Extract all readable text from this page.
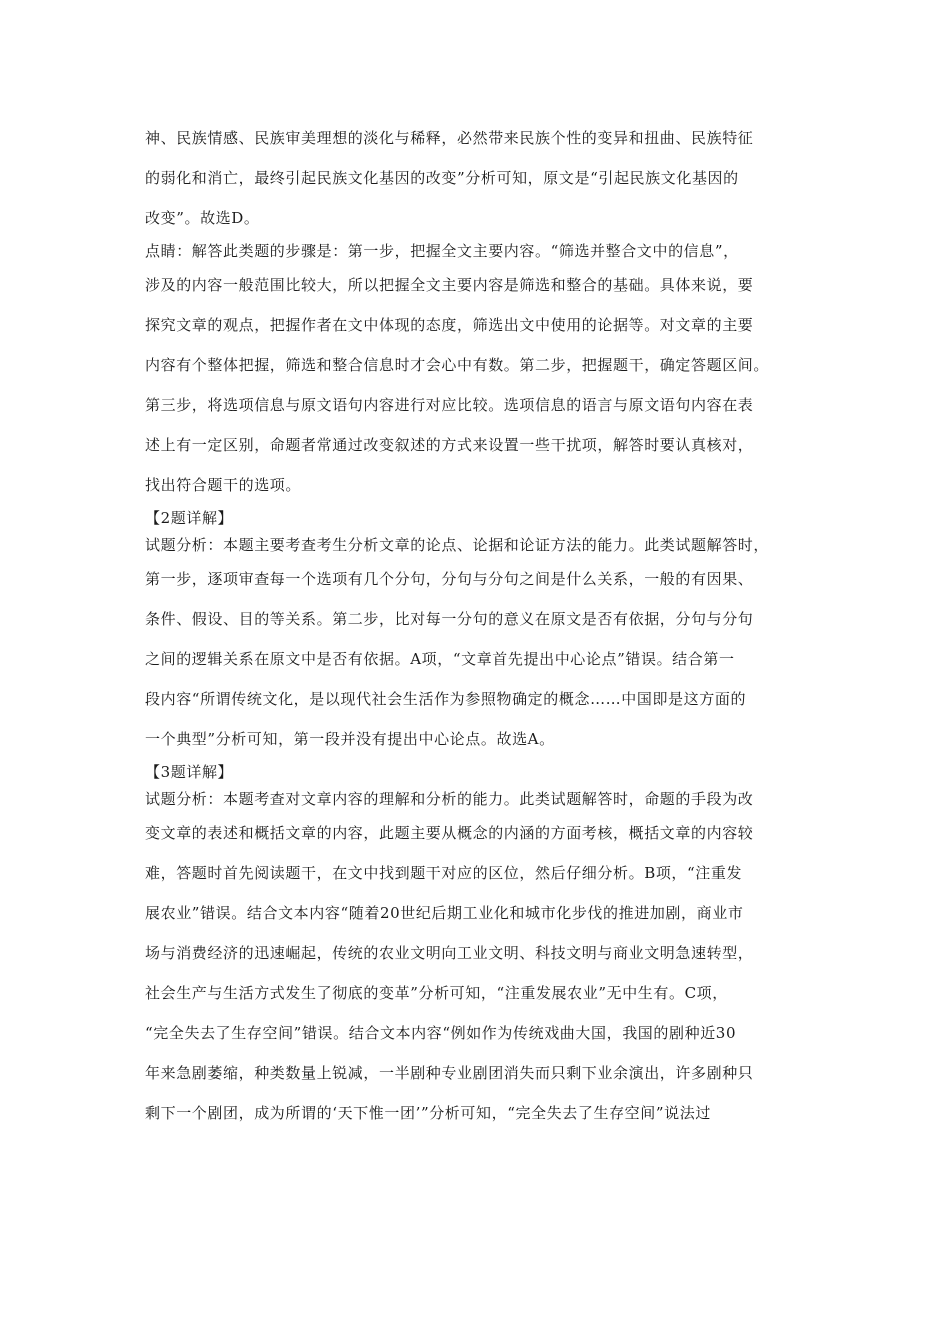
神、民族情感、民族审美理想的淡化与稀释，必然带来民族个性的变异和扭曲、民族特征
的弱化和消亡，最终引起民族文化基因的改变”分析可知，原文是“引起民族文化基因的
改变”。故选D。
点睛：解答此类题的步骤是：第一步，把握全文主要内容。“筛选并整合文中的信息”，
涉及的内容一般范围比较大，所以把握全文主要内容是筛选和整合的基础。具体来说，要
探究文章的观点，把握作者在文中体现的态度，筛选出文中使用的论据等。对文章的主要
内容有个整体把握，筛选和整合信息时才会心中有数。第二步，把握题干，确定答题区间。
第三步，将选项信息与原文语句内容进行对应比较。选项信息的语言与原文语句内容在表
述上有一定区别，命题者常通过改变叙述的方式来设置一些干扰项，解答时要认真核对，
找出符合题干的选项。
【2题详解】
试题分析：本题主要考查考生分析文章的论点、论据和论证方法的能力。此类试题解答时，
第一步，逐项审查每一个选项有几个分句，分句与分句之间是什么关系，一般的有因果、
条件、假设、目的等关系。第二步，比对每一分句的意义在原文是否有依据，分句与分句
之间的逻辑关系在原文中是否有依据。A项，“文章首先提出中心论点”错误。结合第一
段内容“所谓传统文化，是以现代社会生活作为参照物确定的概念……中国即是这方面的
一个典型”分析可知，第一段并没有提出中心论点。故选A。
【3题详解】
试题分析：本题考查对文章内容的理解和分析的能力。此类试题解答时，命题的手段为改
变文章的表述和概括文章的内容，此题主要从概念的内涵的方面考核，概括文章的内容较
难，答题时首先阅读题干，在文中找到题干对应的区位，然后仔细分析。B项，“注重发
展农业”错误。结合文本内容“随着20世纪后期工业化和城市化步伐的推进加剧，商业市
场与消费经济的迅速崛起，传统的农业文明向工业文明、科技文明与商业文明急速转型，
社会生产与生活方式发生了彻底的变革”分析可知，“注重发展农业”无中生有。C项，
“完全失去了生存空间”错误。结合文本内容“例如作为传统戏曲大国，我国的剧种近30
年来急剧萎缩，种类数量上锐减，一半剧种专业剧团消失而只剩下业余演出，许多剧种只
剩下一个剧团，成为所谓的‘天下惟一团’”分析可知，“完全失去了生存空间”说法过
